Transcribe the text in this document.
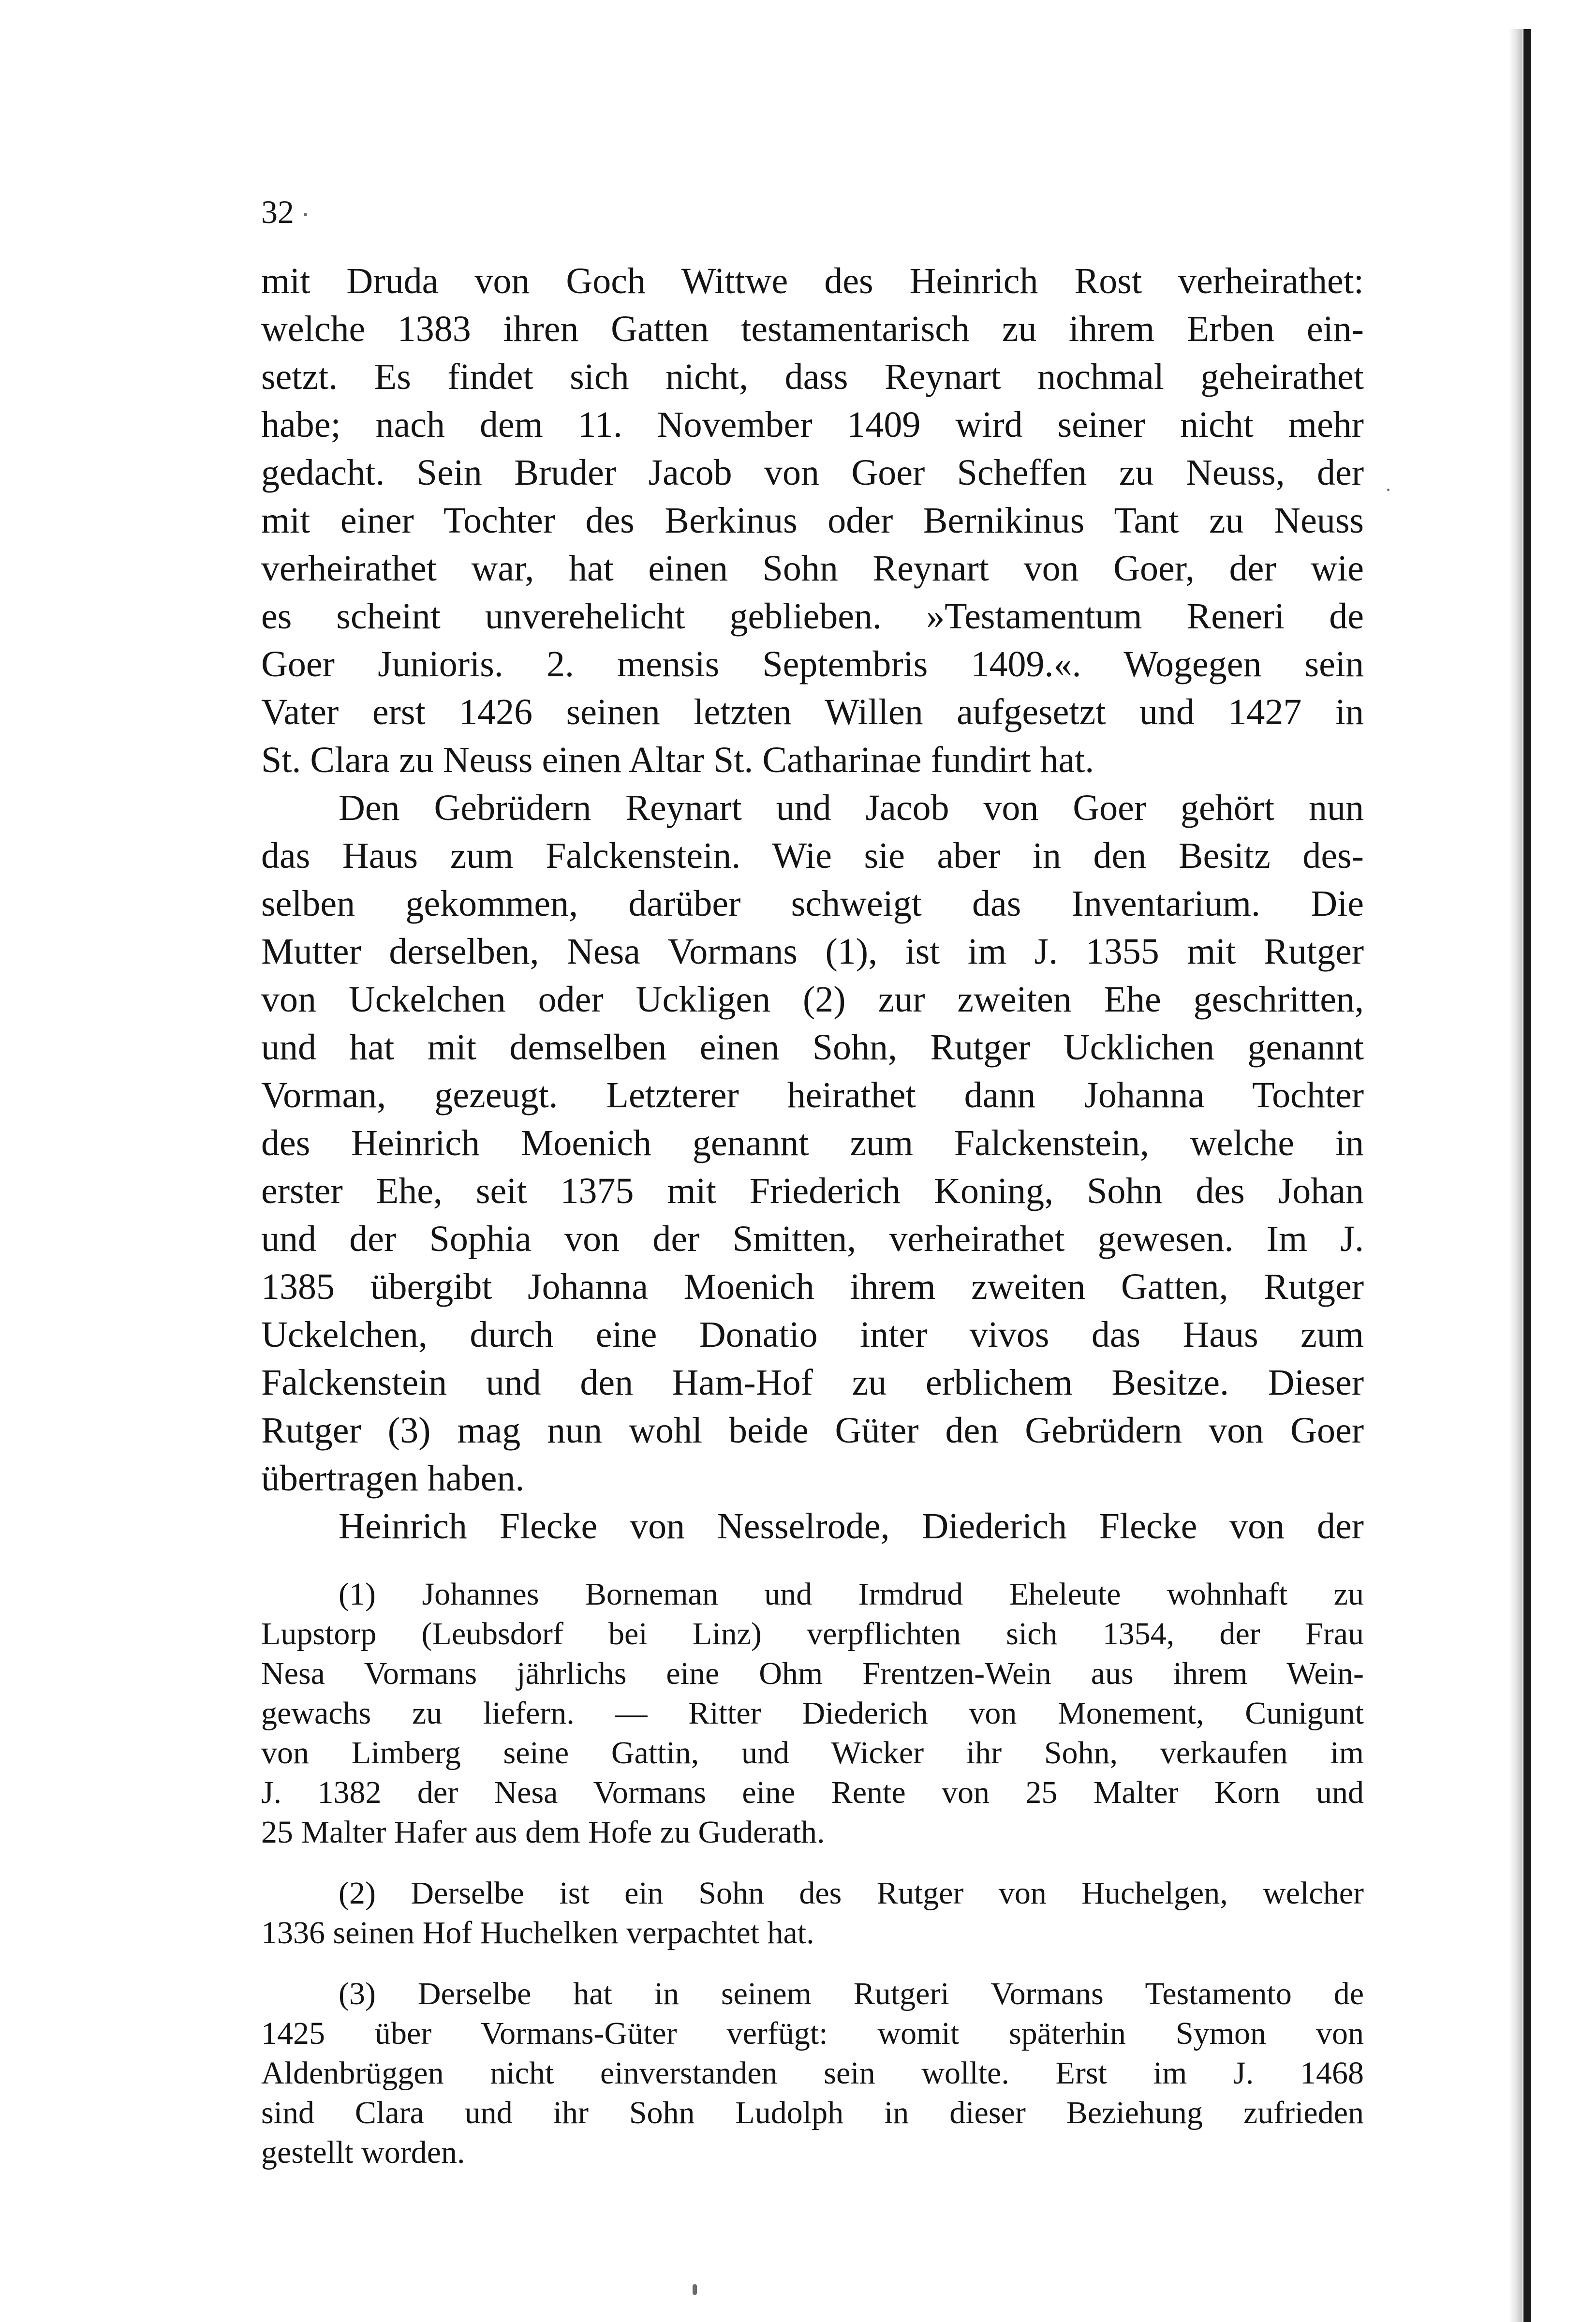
32
mit Druda von Goch Wittwe des Heinrich Rost verheirathet:
welche 1383 ihren Gatten testamentarisch zu ihrem Erben ein-
setzt. Es findet sich nicht, dass Reynart nochmal geheirathet
habe; nach dem 11. November 1409 wird seiner nicht mehr
gedacht. Sein Bruder Jacob von Goer Scheffen zu Neuss, der
mit einer Tochter des Berkinus oder Bernikinus Tant zu Neuss
verheirathet war, hat einen Sohn Reynart von Goer, der wie
es scheint unverehelicht geblieben. »Testamentum Reneri de
Goer Junioris. 2. mensis Septembris 1409.«. Wogegen sein
Vater erst 1426 seinen letzten Willen aufgesetzt und 1427 in
St. Clara zu Neuss einen Altar St. Catharinae fundirt hat.
Den Gebrüdern Reynart und Jacob von Goer gehört nun
das Haus zum Falckenstein. Wie sie aber in den Besitz des-
selben gekommen, darüber schweigt das Inventarium. Die
Mutter derselben, Nesa Vormans (1), ist im J. 1355 mit Rutger
von Uckelchen oder Uckligen (2) zur zweiten Ehe geschritten,
und hat mit demselben einen Sohn, Rutger Ucklichen genannt
Vorman, gezeugt. Letzterer heirathet dann Johanna Tochter
des Heinrich Moenich genannt zum Falckenstein, welche in
erster Ehe, seit 1375 mit Friederich Koning, Sohn des Johan
und der Sophia von der Smitten, verheirathet gewesen. Im J.
1385 übergibt Johanna Moenich ihrem zweiten Gatten, Rutger
Uckelchen, durch eine Donatio inter vivos das Haus zum
Falckenstein und den Ham-Hof zu erblichem Besitze. Dieser
Rutger (3) mag nun wohl beide Güter den Gebrüdern von Goer
übertragen haben.
Heinrich Flecke von Nesselrode, Diederich Flecke von der
(1) Johannes Borneman und Irmdrud Eheleute wohnhaft zu
Lupstorp (Leubsdorf bei Linz) verpflichten sich 1354, der Frau
Nesa Vormans jährlichs eine Ohm Frentzen-Wein aus ihrem Wein-
gewachs zu liefern. — Ritter Diederich von Monement, Cunigunt
von Limberg seine Gattin, und Wicker ihr Sohn, verkaufen im
J. 1382 der Nesa Vormans eine Rente von 25 Malter Korn und
25 Malter Hafer aus dem Hofe zu Guderath.
(2) Derselbe ist ein Sohn des Rutger von Huchelgen, welcher
1336 seinen Hof Huchelken verpachtet hat.
(3) Derselbe hat in seinem Rutgeri Vormans Testamento de
1425 über Vormans-Güter verfügt: womit späterhin Symon von
Aldenbrüggen nicht einverstanden sein wollte. Erst im J. 1468
sind Clara und ihr Sohn Ludolph in dieser Beziehung zufrieden
gestellt worden.
